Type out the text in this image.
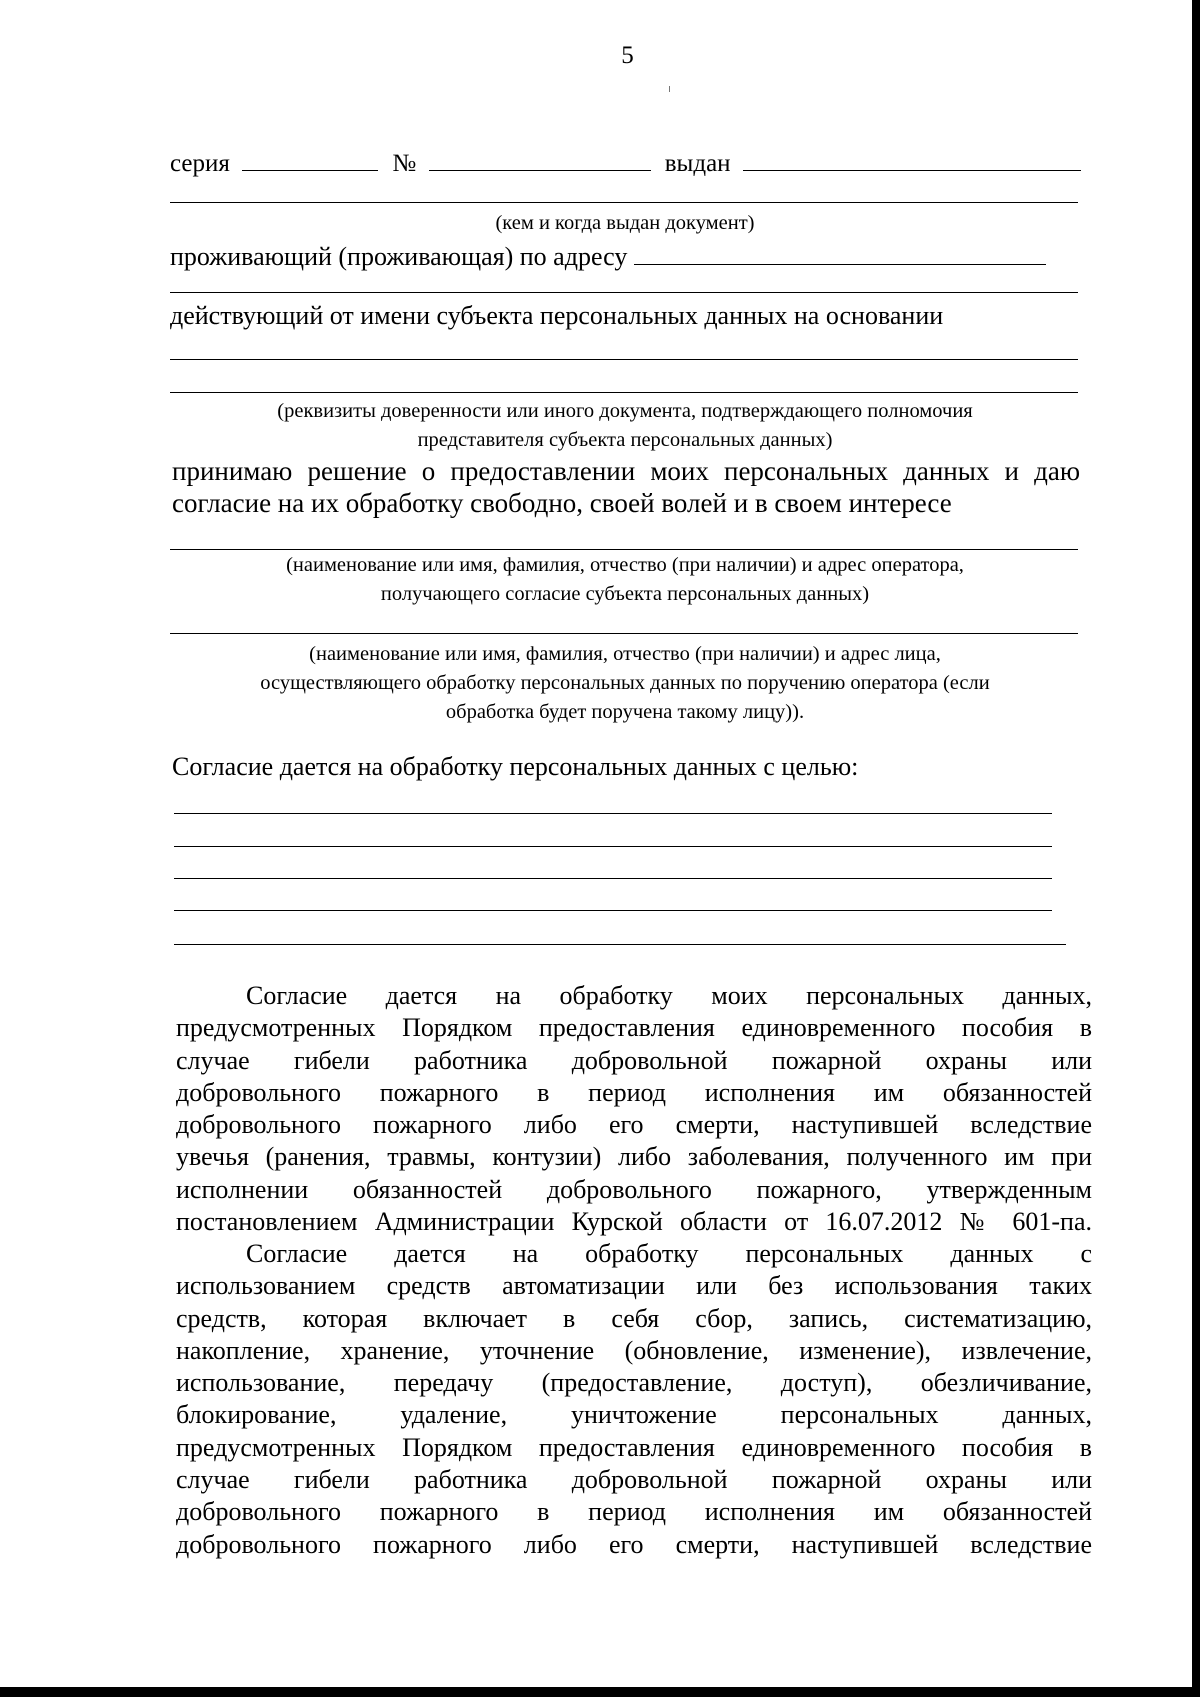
5
серия	№	выдан
(кем и когда выдан документ)
проживающий (проживающая) по адресу
действующий от имени субъекта персональных данных на основании
(реквизиты доверенности или иного документа, подтверждающего полномочия
представителя субъекта персональных данных)
принимаю решение о предоставлении моих персональных данных и даю
согласие на их обработку свободно, своей волей и в своем интересе
(наименование или имя, фамилия, отчество (при наличии) и адрес оператора,
получающего согласие субъекта персональных данных)
(наименование или имя, фамилия, отчество (при наличии) и адрес лица,
осуществляющего обработку персональных данных по поручению оператора (если
обработка будет поручена такому лицу)).
Согласие дается на обработку персональных данных с целью:
Согласие дается на обработку моих персональных данных,
предусмотренных Порядком предоставления единовременного пособия в
случае гибели работника добровольной пожарной охраны или
добровольного пожарного в период исполнения им обязанностей
добровольного пожарного либо его смерти, наступившей вследствие
увечья (ранения, травмы, контузии) либо заболевания, полученного им при
исполнении обязанностей добровольного пожарного, утвержденным
постановлением Администрации Курской области от 16.07.2012 № 601-па.
Согласие дается на обработку персональных данных с
использованием средств автоматизации или без использования таких
средств, которая включает в себя сбор, запись, систематизацию,
накопление, хранение, уточнение (обновление, изменение), извлечение,
использование, передачу (предоставление, доступ), обезличивание,
блокирование, удаление, уничтожение персональных данных,
предусмотренных Порядком предоставления единовременного пособия в
случае гибели работника добровольной пожарной охраны или
добровольного пожарного в период исполнения им обязанностей
добровольного пожарного либо его смерти, наступившей вследствие
